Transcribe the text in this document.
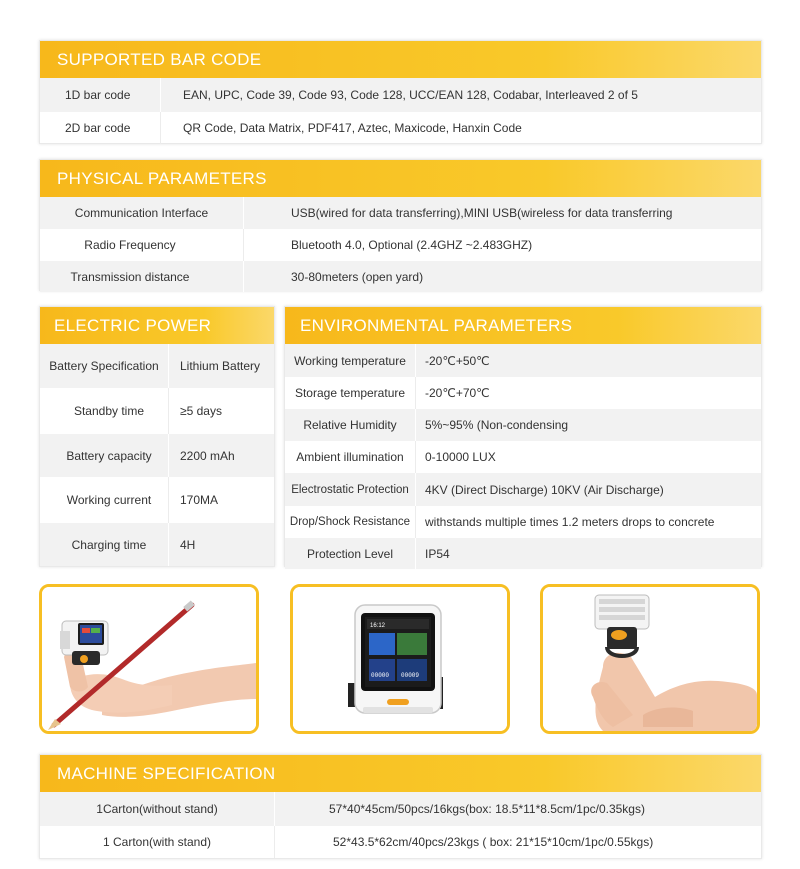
SUPPORTED BAR CODE
1D bar code	EAN, UPC, Code 39, Code 93, Code 128, UCC/EAN 128, Codabar, Interleaved 2 of 5
2D bar code	QR Code, Data Matrix, PDF417, Aztec, Maxicode, Hanxin Code
PHYSICAL PARAMETERS
Communication Interface	USB(wired for data transferring),MINI USB(wireless for data transferring
Radio Frequency	Bluetooth 4.0, Optional (2.4GHZ ~2.483GHZ)
Transmission distance	30-80meters (open yard)
ELECTRIC POWER
Battery Specification	Lithium Battery
Standby time	≥5 days
Battery capacity	2200 mAh
Working current	170MA
Charging time	4H
ENVIRONMENTAL PARAMETERS
Working temperature	-20℃+50℃
Storage temperature	-20℃+70℃
Relative Humidity	5%~95% (Non-condensing
Ambient illumination	0-10000 LUX
Electrostatic Protection	4KV (Direct Discharge) 10KV (Air Discharge)
Drop/Shock Resistance	withstands multiple times 1.2 meters drops to concrete
Protection Level	IP54
16:12
00000 00009
MACHINE SPECIFICATION
1Carton(without stand)	57*40*45cm/50pcs/16kgs(box: 18.5*11*8.5cm/1pc/0.35kgs)
1 Carton(with stand)	52*43.5*62cm/40pcs/23kgs ( box: 21*15*10cm/1pc/0.55kgs)
